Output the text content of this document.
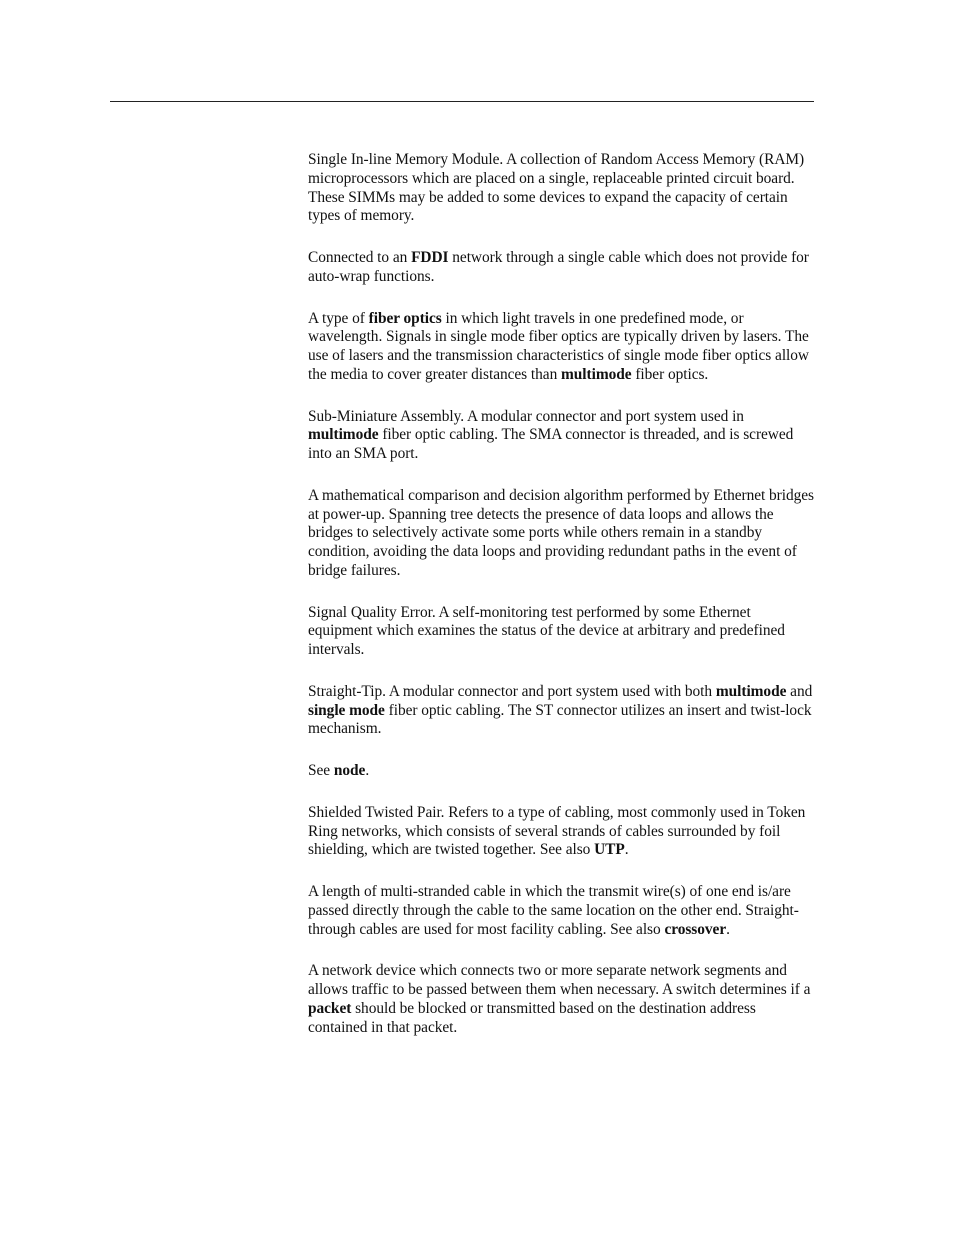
Single In-line Memory Module. A collection of Random Access Memory (RAM) microprocessors which are placed on a single, replaceable printed circuit board. These SIMMs may be added to some devices to expand the capacity of certain types of memory.

Connected to an FDDI network through a single cable which does not provide for auto-wrap functions.

A type of fiber optics in which light travels in one predefined mode, or wavelength. Signals in single mode fiber optics are typically driven by lasers. The use of lasers and the transmission characteristics of single mode fiber optics allow the media to cover greater distances than multimode fiber optics.

Sub-Miniature Assembly. A modular connector and port system used in multimode fiber optic cabling. The SMA connector is threaded, and is screwed into an SMA port.

A mathematical comparison and decision algorithm performed by Ethernet bridges at power-up. Spanning tree detects the presence of data loops and allows the bridges to selectively activate some ports while others remain in a standby condition, avoiding the data loops and providing redundant paths in the event of bridge failures.

Signal Quality Error. A self-monitoring test performed by some Ethernet equipment which examines the status of the device at arbitrary and predefined intervals.

Straight-Tip. A modular connector and port system used with both multimode and single mode fiber optic cabling. The ST connector utilizes an insert and twist-lock mechanism.

See node.

Shielded Twisted Pair. Refers to a type of cabling, most commonly used in Token Ring networks, which consists of several strands of cables surrounded by foil shielding, which are twisted together. See also UTP.

A length of multi-stranded cable in which the transmit wire(s) of one end is/are passed directly through the cable to the same location on the other end. Straight-through cables are used for most facility cabling. See also crossover.

A network device which connects two or more separate network segments and allows traffic to be passed between them when necessary. A switch determines if a packet should be blocked or transmitted based on the destination address contained in that packet.
